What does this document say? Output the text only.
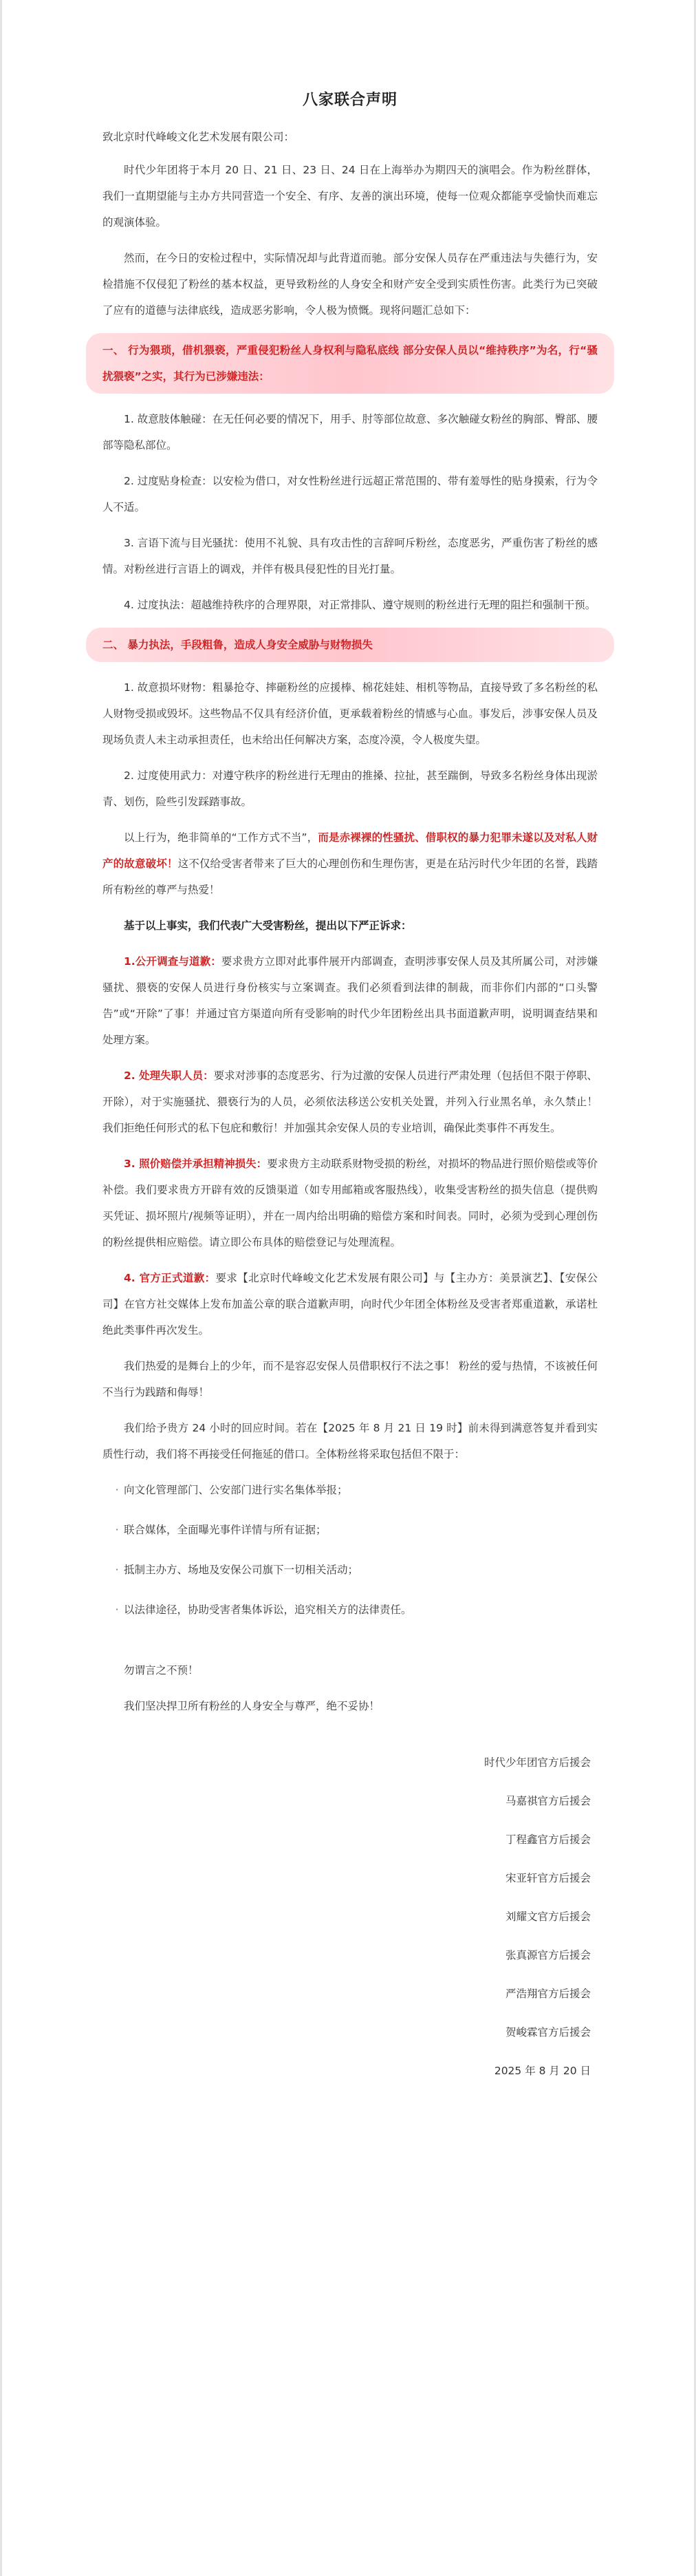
八家联合声明

致北京时代峰峻文化艺术发展有限公司：

时代少年团将于本月 20 日、21 日、23 日、24 日在上海举办为期四天的演唱会。作为粉丝群体，我们一直期望能与主办方共同营造一个安全、有序、友善的演出环境，使每一位观众都能享受愉快而难忘的观演体验。

然而，在今日的安检过程中，实际情况却与此背道而驰。部分安保人员存在严重违法与失德行为，安检措施不仅侵犯了粉丝的基本权益，更导致粉丝的人身安全和财产安全受到实质性伤害。此类行为已突破了应有的道德与法律底线，造成恶劣影响，令人极为愤慨。现将问题汇总如下：

一、 行为猥琐，借机猥亵，严重侵犯粉丝人身权利与隐私底线 部分安保人员以“维持秩序”为名，行“骚扰猥亵”之实，其行为已涉嫌违法：

1. 故意肢体触碰：在无任何必要的情况下，用手、肘等部位故意、多次触碰女粉丝的胸部、臀部、腰部等隐私部位。

2. 过度贴身检查：以安检为借口，对女性粉丝进行远超正常范围的、带有羞辱性的贴身摸索，行为令人不适。

3. 言语下流与目光骚扰：使用不礼貌、具有攻击性的言辞呵斥粉丝，态度恶劣，严重伤害了粉丝的感情。对粉丝进行言语上的调戏，并伴有极具侵犯性的目光打量。

4. 过度执法：超越维持秩序的合理界限，对正常排队、遵守规则的粉丝进行无理的阻拦和强制干预。

二、 暴力执法，手段粗鲁，造成人身安全威胁与财物损失

1. 故意损坏财物：粗暴抢夺、摔砸粉丝的应援棒、棉花娃娃、相机等物品，直接导致了多名粉丝的私人财物受损或毁坏。这些物品不仅具有经济价值，更承载着粉丝的情感与心血。事发后，涉事安保人员及现场负责人未主动承担责任，也未给出任何解决方案，态度冷漠，令人极度失望。

2. 过度使用武力：对遵守秩序的粉丝进行无理由的推搡、拉扯，甚至踹倒，导致多名粉丝身体出现淤青、划伤，险些引发踩踏事故。

以上行为，绝非简单的“工作方式不当”，而是赤裸裸的性骚扰、借职权的暴力犯罪未遂以及对私人财产的故意破坏！这不仅给受害者带来了巨大的心理创伤和生理伤害，更是在玷污时代少年团的名誉，践踏所有粉丝的尊严与热爱！

基于以上事实，我们代表广大受害粉丝，提出以下严正诉求：

1.公开调查与道歉：要求贵方立即对此事件展开内部调查，查明涉事安保人员及其所属公司，对涉嫌骚扰、猥亵的安保人员进行身份核实与立案调查。我们必须看到法律的制裁，而非你们内部的“口头警告”或“开除”了事！并通过官方渠道向所有受影响的时代少年团粉丝出具书面道歉声明，说明调查结果和处理方案。

2. 处理失职人员：要求对涉事的态度恶劣、行为过激的安保人员进行严肃处理（包括但不限于停职、开除），对于实施骚扰、猥亵行为的人员，必须依法移送公安机关处置，并列入行业黑名单，永久禁止！我们拒绝任何形式的私下包庇和敷衍！并加强其余安保人员的专业培训，确保此类事件不再发生。

3. 照价赔偿并承担精神损失：要求贵方主动联系财物受损的粉丝，对损坏的物品进行照价赔偿或等价补偿。我们要求贵方开辟有效的反馈渠道（如专用邮箱或客服热线），收集受害粉丝的损失信息（提供购买凭证、损坏照片/视频等证明），并在一周内给出明确的赔偿方案和时间表。同时，必须为受到心理创伤的粉丝提供相应赔偿。请立即公布具体的赔偿登记与处理流程。

4. 官方正式道歉：要求【北京时代峰峻文化艺术发展有限公司】与【主办方：美景演艺】、【安保公司】在官方社交媒体上发布加盖公章的联合道歉声明，向时代少年团全体粉丝及受害者郑重道歉，承诺杜绝此类事件再次发生。

我们热爱的是舞台上的少年，而不是容忍安保人员借职权行不法之事！ 粉丝的爱与热情，不该被任何不当行为践踏和侮辱！

我们给予贵方 24 小时的回应时间。若在【2025 年 8 月 21 日 19 时】前未得到满意答复并看到实质性行动，我们将不再接受任何拖延的借口。全体粉丝将采取包括但不限于：

· 向文化管理部门、公安部门进行实名集体举报；

· 联合媒体，全面曝光事件详情与所有证据；

· 抵制主办方、场地及安保公司旗下一切相关活动；

· 以法律途径，协助受害者集体诉讼，追究相关方的法律责任。

勿谓言之不预！

我们坚决捍卫所有粉丝的人身安全与尊严，绝不妥协！

时代少年团官方后援会

马嘉祺官方后援会

丁程鑫官方后援会

宋亚轩官方后援会

刘耀文官方后援会

张真源官方后援会

严浩翔官方后援会

贺峻霖官方后援会

2025 年 8 月 20 日
